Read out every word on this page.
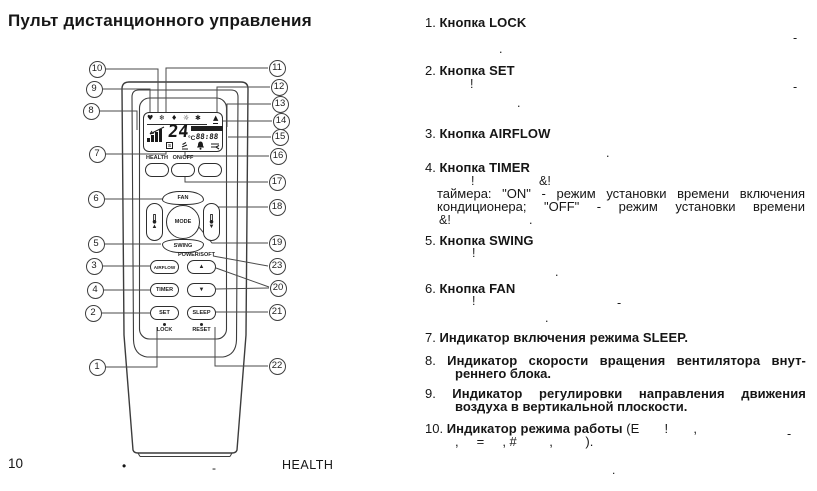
Пульт дистанционного управления
♥ ❄ ♦ ☼ ✱ ▲
24
°C 88:88
S
HEALTH ON/OFF
FAN
▲	▼
MODE
SWING
POWER/SOFT
AIRFLOW	▲
TIMER	▼
SET	SLEEP
LOCK	RESET
1
2
3
4
5
6
7
8
9
10	11
12
13
14
15
16
17
18
19
20
21
22
23
1. Кнопка LOCK
-
.
2. Кнопка SET
!	-
.
3. Кнопка AIRFLOW
.
4. Кнопка TIMER
таймера: "ON" - режим установки времени включения
кондиционера; "OFF" - режим установки времени
!	&!
&!	.
5. Кнопка SWING
!
.
6. Кнопка FAN
!	-
.
7. Индикатор включения режима SLEEP.
8. Индикатор скорости вращения вентилятора внут-
реннего блока.
9. Индикатор регулировки направления движения
воздуха в вертикальной плоскости.
10. Индикатор режима работы (Е       !       ,
,     =     , #         ,         ).	-
10	•	-	HEALTH	.
